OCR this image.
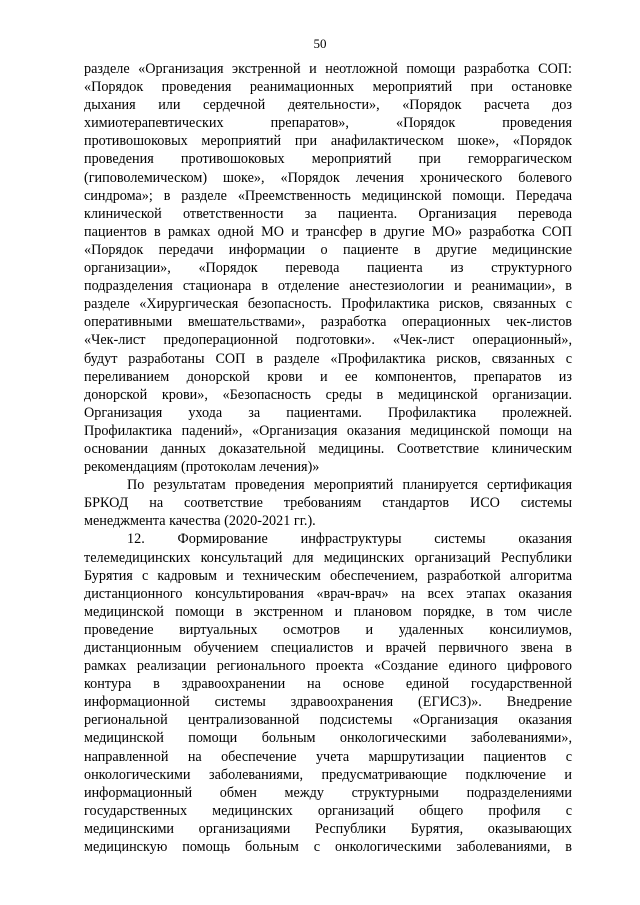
50
разделе «Организация экстренной и неотложной помощи разработка СОП:
«Порядок проведения реанимационных мероприятий при остановке
дыхания или сердечной деятельности», «Порядок расчета доз
химиотерапевтических препаратов», «Порядок проведения
противошоковых мероприятий при анафилактическом шоке», «Порядок
проведения противошоковых мероприятий при геморрагическом
(гиповолемическом) шоке», «Порядок лечения хронического болевого
синдрома»; в разделе «Преемственность медицинской помощи. Передача
клинической ответственности за пациента. Организация перевода
пациентов в рамках одной МО и трансфер в другие МО» разработка СОП
«Порядок передачи информации о пациенте в другие медицинские
организации», «Порядок перевода пациента из структурного
подразделения стационара в отделение анестезиологии и реанимации», в
разделе «Хирургическая безопасность. Профилактика рисков, связанных с
оперативными вмешательствами», разработка операционных чек-листов
«Чек-лист предоперационной подготовки». «Чек-лист операционный»,
будут разработаны СОП в разделе «Профилактика рисков, связанных с
переливанием донорской крови и ее компонентов, препаратов из
донорской крови», «Безопасность среды в медицинской организации.
Организация ухода за пациентами. Профилактика пролежней.
Профилактика падений», «Организация оказания медицинской помощи на
основании данных доказательной медицины. Соответствие клиническим
рекомендациям (протоколам лечения)»
По результатам проведения мероприятий планируется сертификация
БРКОД на соответствие требованиям стандартов ИСО системы
менеджмента качества (2020-2021 гг.).
12. Формирование инфраструктуры системы оказания
телемедицинских консультаций для медицинских организаций Республики
Бурятия с кадровым и техническим обеспечением, разработкой алгоритма
дистанционного консультирования «врач-врач» на всех этапах оказания
медицинской помощи в экстренном и плановом порядке, в том числе
проведение виртуальных осмотров и удаленных консилиумов,
дистанционным обучением специалистов и врачей первичного звена в
рамках реализации регионального проекта «Создание единого цифрового
контура в здравоохранении на основе единой государственной
информационной системы здравоохранения (ЕГИСЗ)». Внедрение
региональной централизованной подсистемы «Организация оказания
медицинской помощи больным онкологическими заболеваниями»,
направленной на обеспечение учета маршрутизации пациентов с
онкологическими заболеваниями, предусматривающие подключение и
информационный обмен между структурными подразделениями
государственных медицинских организаций общего профиля с
медицинскими организациями Республики Бурятия, оказывающих
медицинскую помощь больным с онкологическими заболеваниями, в
